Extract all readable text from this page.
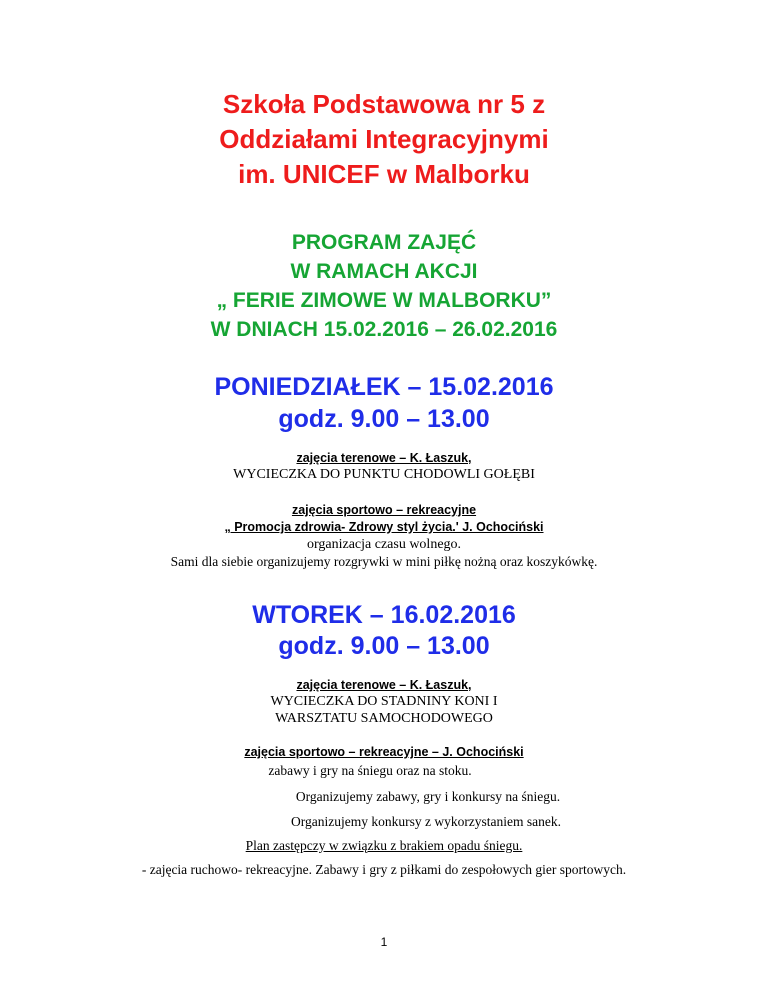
Szkoła Podstawowa nr 5 z
Oddziałami Integracyjnymi
im. UNICEF w Malborku
PROGRAM ZAJĘĆ
W RAMACH AKCJI
„ FERIE ZIMOWE W MALBORKU”
W DNIACH 15.02.2016 – 26.02.2016
PONIEDZIAŁEK – 15.02.2016
godz. 9.00 – 13.00
zajęcia terenowe – K. Łaszuk,
WYCIECZKA DO PUNKTU CHODOWLI GOŁĘBI
zajęcia sportowo – rekreacyjne
„ Promocja zdrowia- Zdrowy styl życia.' J. Ochociński
organizacja czasu wolnego.
Sami dla siebie organizujemy rozgrywki w mini piłkę nożną oraz koszykówkę.
WTOREK – 16.02.2016
godz. 9.00 – 13.00
zajęcia terenowe – K. Łaszuk,
WYCIECZKA DO STADNINY KONI I
WARSZTATU SAMOCHODOWEGO
zajęcia sportowo – rekreacyjne – J. Ochociński
zabawy i gry na śniegu oraz na stoku.
Organizujemy zabawy, gry i konkursy na śniegu.
Organizujemy konkursy z wykorzystaniem sanek.
Plan zastępczy w związku z brakiem opadu śniegu.
- zajęcia ruchowo- rekreacyjne. Zabawy i gry z piłkami do zespołowych gier sportowych.
1
